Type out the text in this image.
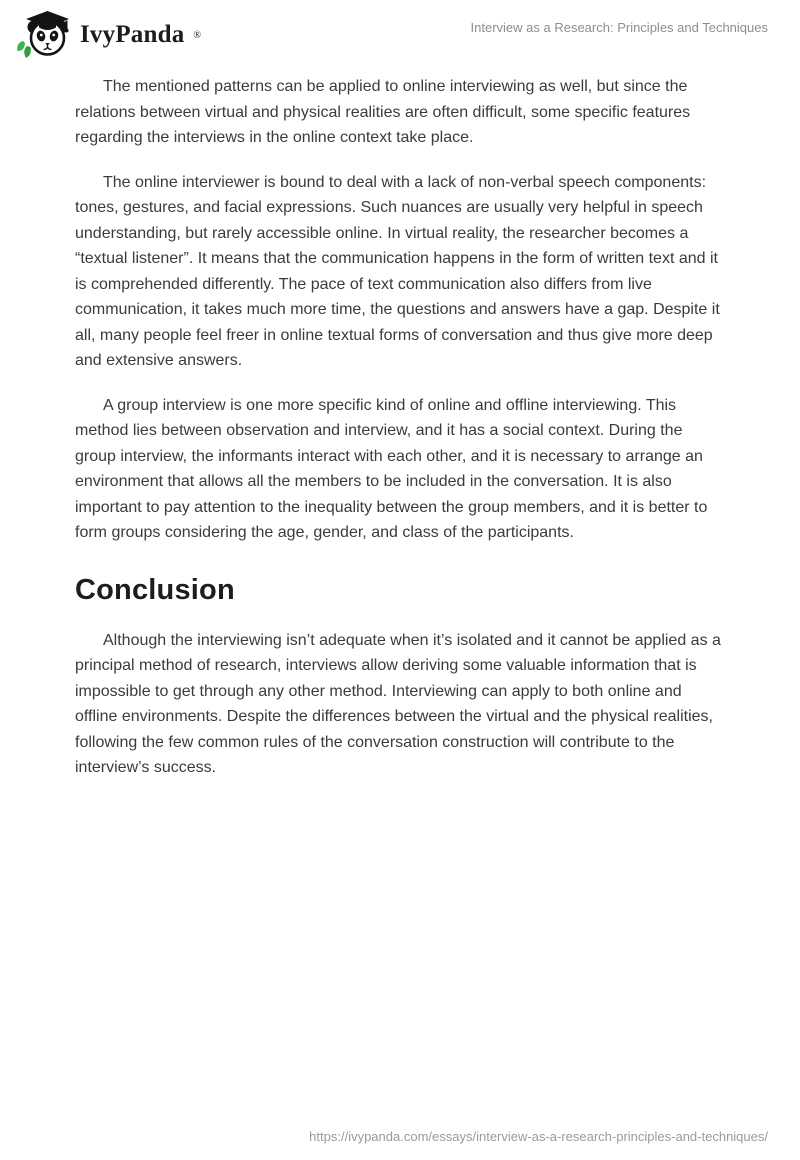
IvyPanda ®	Interview as a Research: Principles and Techniques

The mentioned patterns can be applied to online interviewing as well, but since the relations between virtual and physical realities are often difficult, some specific features regarding the interviews in the online context take place.

The online interviewer is bound to deal with a lack of non-verbal speech components: tones, gestures, and facial expressions. Such nuances are usually very helpful in speech understanding, but rarely accessible online. In virtual reality, the researcher becomes a “textual listener”. It means that the communication happens in the form of written text and it is comprehended differently. The pace of text communication also differs from live communication, it takes much more time, the questions and answers have a gap. Despite it all, many people feel freer in online textual forms of conversation and thus give more deep and extensive answers.

A group interview is one more specific kind of online and offline interviewing. This method lies between observation and interview, and it has a social context. During the group interview, the informants interact with each other, and it is necessary to arrange an environment that allows all the members to be included in the conversation. It is also important to pay attention to the inequality between the group members, and it is better to form groups considering the age, gender, and class of the participants.

Conclusion

Although the interviewing isn’t adequate when it’s isolated and it cannot be applied as a principal method of research, interviews allow deriving some valuable information that is impossible to get through any other method. Interviewing can apply to both online and offline environments. Despite the differences between the virtual and the physical realities, following the few common rules of the conversation construction will contribute to the interview’s success.

https://ivypanda.com/essays/interview-as-a-research-principles-and-techniques/
